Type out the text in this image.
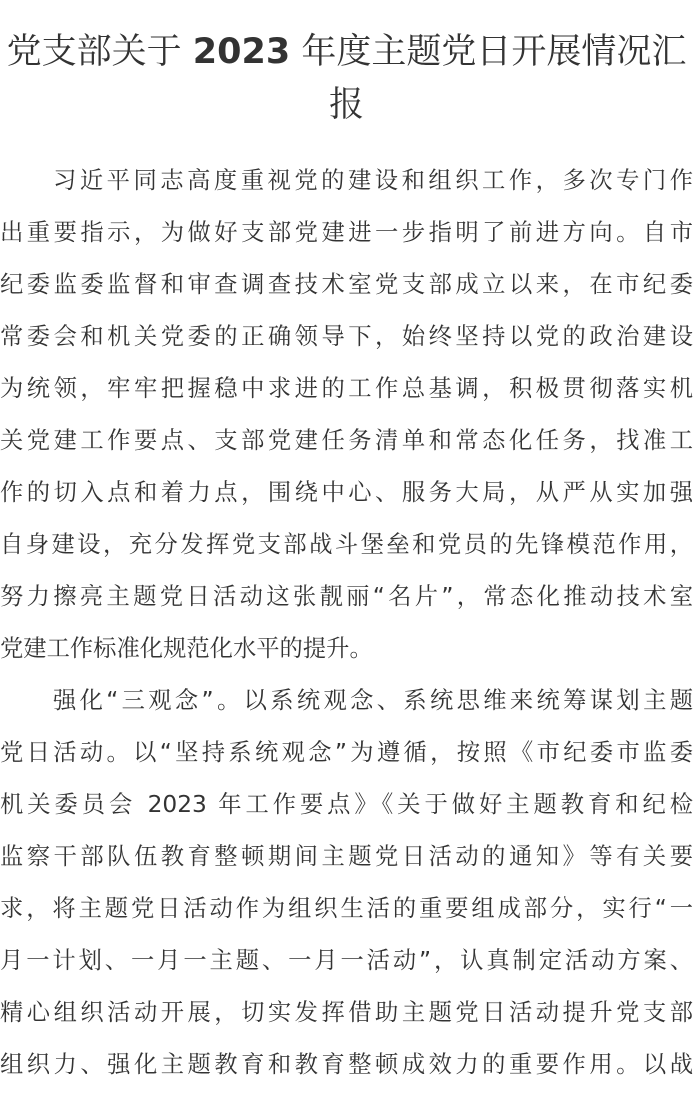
党支部关于 2023 年度主题党日开展情况汇
报
习近平同志高度重视党的建设和组织工作，多次专门作
出重要指示，为做好支部党建进一步指明了前进方向。自市
纪委监委监督和审查调查技术室党支部成立以来，在市纪委
常委会和机关党委的正确领导下，始终坚持以党的政治建设
为统领，牢牢把握稳中求进的工作总基调，积极贯彻落实机
关党建工作要点、支部党建任务清单和常态化任务，找准工
作的切入点和着力点，围绕中心、服务大局，从严从实加强
自身建设，充分发挥党支部战斗堡垒和党员的先锋模范作用，
努力擦亮主题党日活动这张靓丽“名片”，常态化推动技术室
党建工作标准化规范化水平的提升。
强化“三观念”。以系统观念、系统思维来统筹谋划主题
党日活动。以“坚持系统观念”为遵循，按照《市纪委市监委
机关委员会 2023 年工作要点》《关于做好主题教育和纪检
监察干部队伍教育整顿期间主题党日活动的通知》等有关要
求，将主题党日活动作为组织生活的重要组成部分，实行“一
月一计划、一月一主题、一月一活动”，认真制定活动方案、
精心组织活动开展，切实发挥借助主题党日活动提升党支部
组织力、强化主题教育和教育整顿成效力的重要作用。以战
